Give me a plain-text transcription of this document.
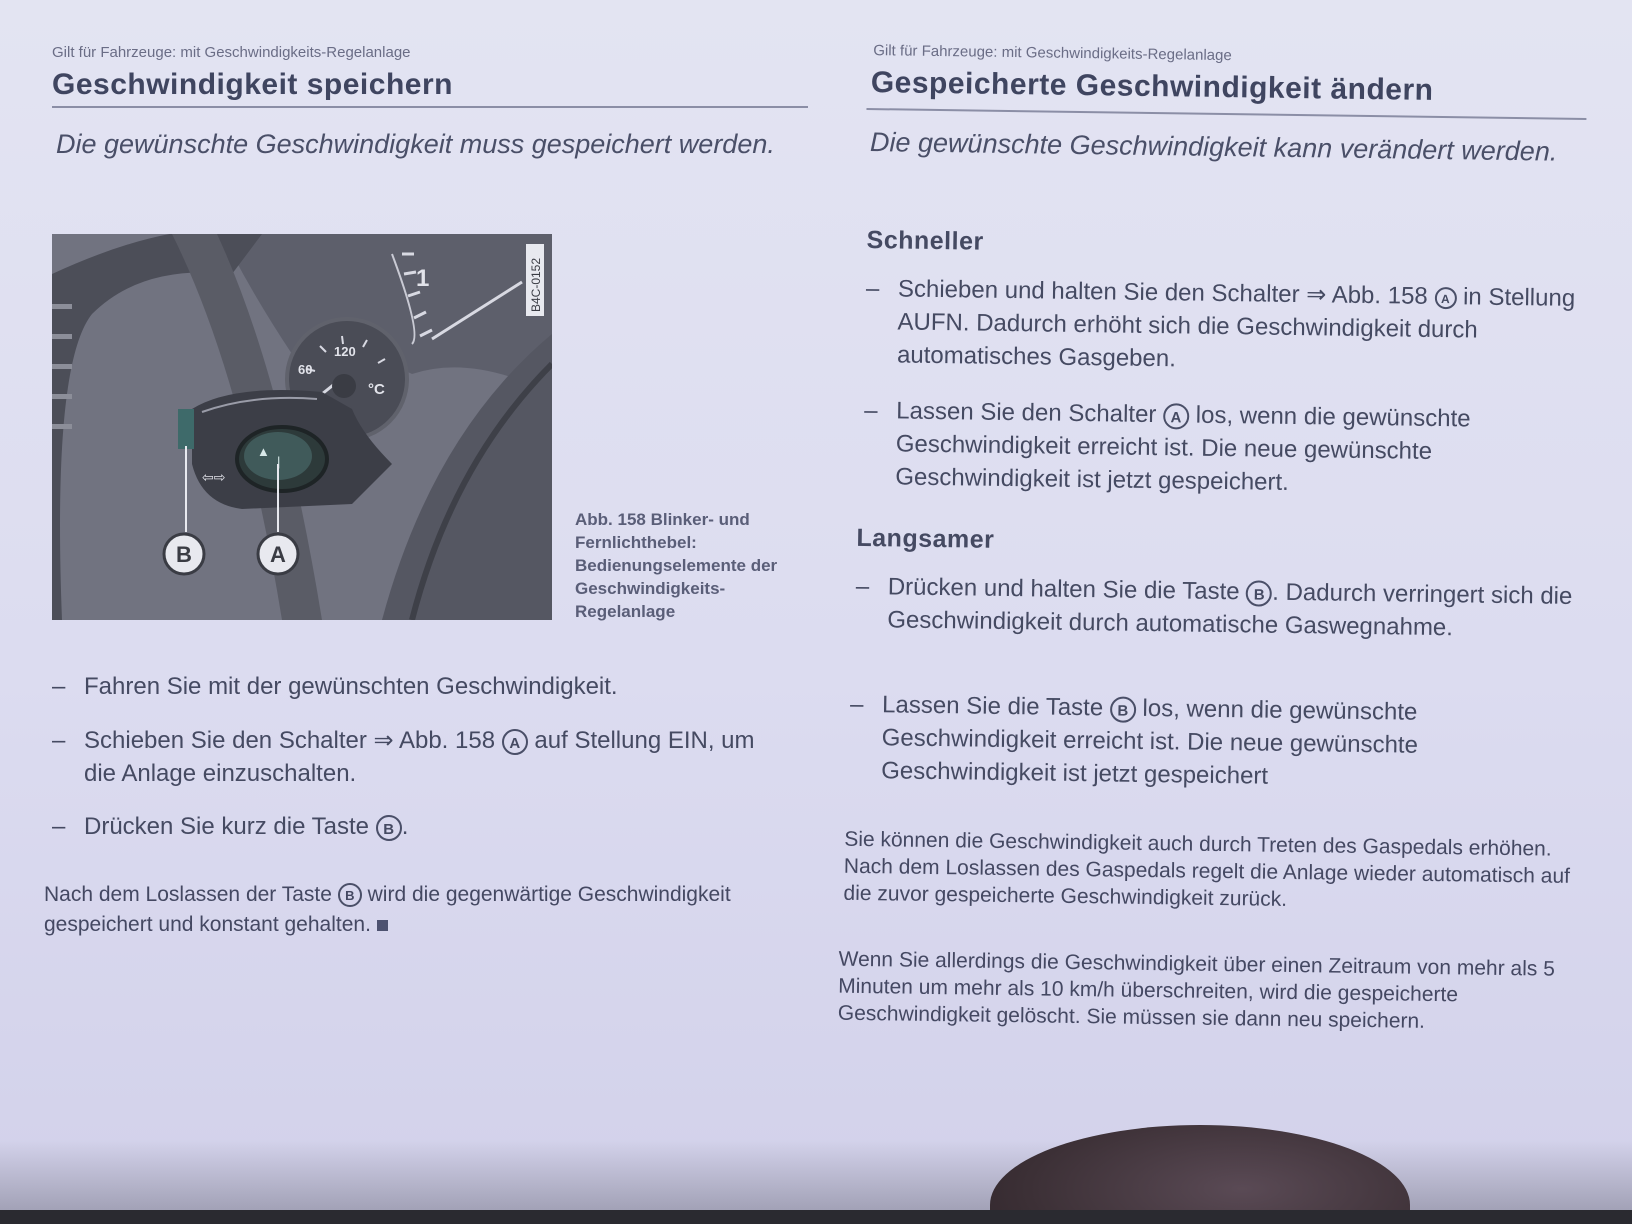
Gilt für Fahrzeuge: mit Geschwindigkeits-Regelanlage
Geschwindigkeit speichern
Die gewünschte Geschwindigkeit muss gespeichert werden.
1
60
120
°C
▲
|
⇦⇨
B	A
B4C-0152
Abb. 158 Blinker- und Fernlichthebel: Bedienungselemente der Geschwindigkeits-Regelanlage
– Fahren Sie mit der gewünschten Geschwindigkeit.
– Schieben Sie den Schalter ⇒ Abb. 158 A auf Stellung EIN, um die Anlage einzuschalten.
– Drücken Sie kurz die Taste B .
Nach dem Loslassen der Taste B wird die gegenwärtige Geschwindigkeit gespeichert und konstant gehalten.
Gilt für Fahrzeuge: mit Geschwindigkeits-Regelanlage
Gespeicherte Geschwindigkeit ändern
Die gewünschte Geschwindigkeit kann verändert werden.
Schneller
– Schieben und halten Sie den Schalter ⇒ Abb. 158 A in Stellung AUFN. Dadurch erhöht sich die Geschwindigkeit durch automatisches Gasgeben.
– Lassen Sie den Schalter A los, wenn die gewünschte Geschwindigkeit erreicht ist. Die neue gewünschte Geschwindigkeit ist jetzt gespeichert.
Langsamer
– Drücken und halten Sie die Taste B . Dadurch verringert sich die Geschwindigkeit durch automatische Gaswegnahme.
– Lassen Sie die Taste B los, wenn die gewünschte Geschwindigkeit erreicht ist. Die neue gewünschte Geschwindigkeit ist jetzt gespeichert
Sie können die Geschwindigkeit auch durch Treten des Gaspedals erhöhen. Nach dem Loslassen des Gaspedals regelt die Anlage wieder automatisch auf die zuvor gespeicherte Geschwindigkeit zurück.
Wenn Sie allerdings die Geschwindigkeit über einen Zeitraum von mehr als 5 Minuten um mehr als 10 km/h überschreiten, wird die gespeicherte Geschwindigkeit gelöscht. Sie müssen sie dann neu speichern.
